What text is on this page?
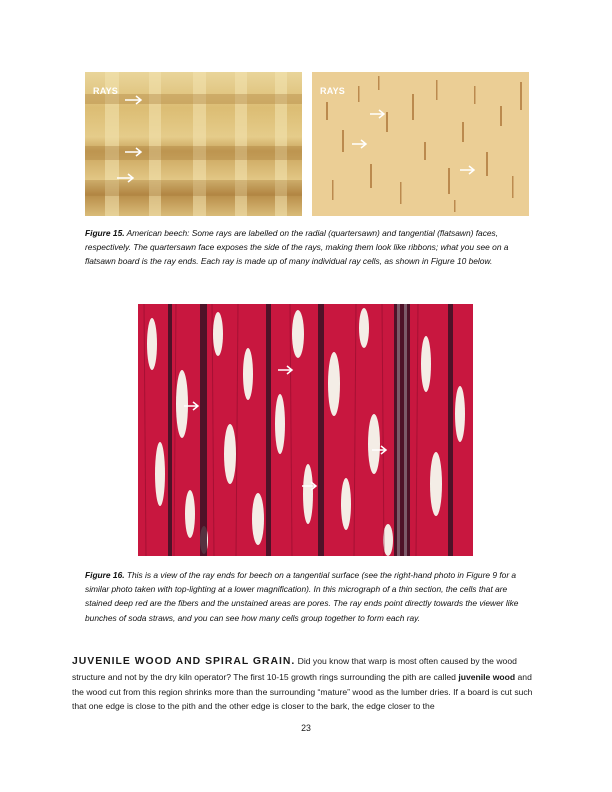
RAYS	RAYS
Figure 15. American beech: Some rays are labelled on the radial (quartersawn) and tangential (flatsawn) faces, respectively. The quartersawn face exposes the side of the rays, making them look like ribbons; what you see on a flatsawn board is the ray ends. Each ray is made up of many individual ray cells, as shown in Figure 10 below.
Figure 16. This is a view of the ray ends for beech on a tangential surface (see the right-hand photo in Figure 9 for a similar photo taken with top-lighting at a lower magnification). In this micrograph of a thin section, the cells that are stained deep red are the fibers and the unstained areas are pores. The ray ends point directly towards the viewer like bunches of soda straws, and you can see how many cells group together to form each ray.
JUVENILE WOOD AND SPIRAL GRAIN. Did you know that warp is most often caused by the wood structure and not by the dry kiln operator? The first 10-15 growth rings surrounding the pith are called juvenile wood and the wood cut from this region shrinks more than the surrounding “mature” wood as the lumber dries. If a board is cut such that one edge is close to the pith and the other edge is closer to the bark, the edge closer to the
23
